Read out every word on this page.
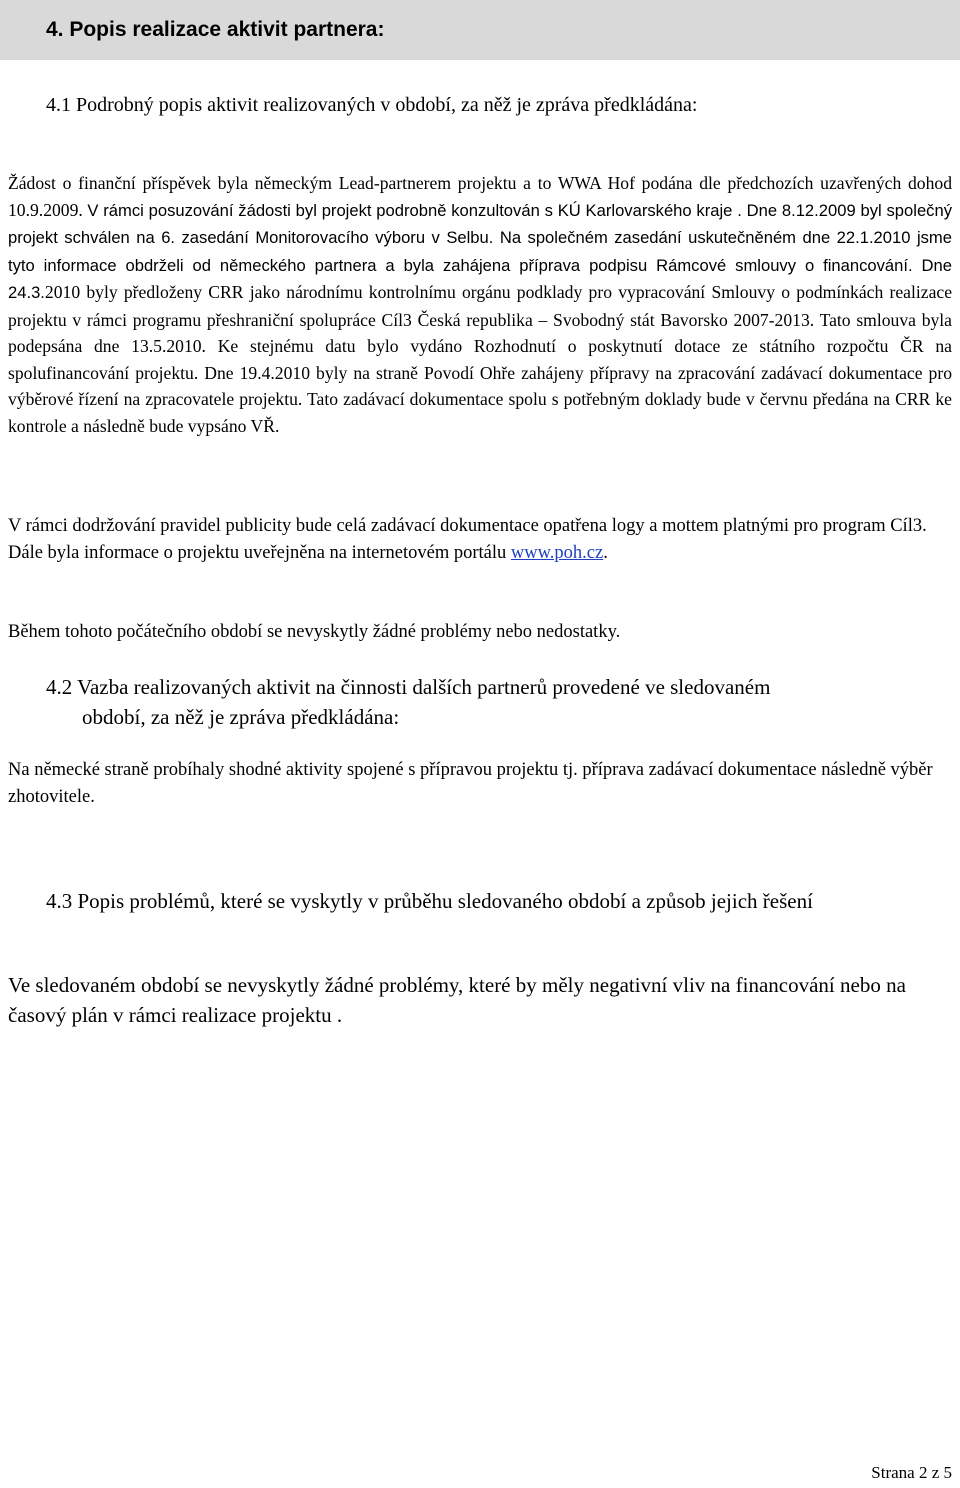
4. Popis realizace aktivit partnera:

4.1 Podrobný popis aktivit realizovaných v období, za něž je zpráva předkládána:

Žádost o finanční příspěvek byla německým Lead-partnerem projektu a to WWA Hof podána dle předchozích uzavřených dohod 10.9.2009. V rámci posuzování žádosti byl projekt podrobně konzultován s KÚ Karlovarského kraje . Dne 8.12.2009 byl společný projekt schválen na 6. zasedání Monitorovacího výboru v Selbu. Na společném zasedání uskutečněném dne 22.1.2010 jsme tyto informace obdrželi od německého partnera a byla zahájena příprava podpisu Rámcové smlouvy o financování. Dne 24.3.2010 byly předloženy CRR jako národnímu kontrolnímu orgánu podklady pro vypracování Smlouvy o podmínkách realizace projektu v rámci programu přeshraniční spolupráce Cíl3 Česká republika – Svobodný stát Bavorsko 2007-2013. Tato smlouva byla podepsána dne 13.5.2010. Ke stejnému datu bylo vydáno Rozhodnutí o poskytnutí dotace ze státního rozpočtu ČR na spolufinancování projektu. Dne 19.4.2010 byly na straně Povodí Ohře zahájeny přípravy na zpracování zadávací dokumentace pro výběrové řízení na zpracovatele projektu. Tato zadávací dokumentace spolu s potřebným doklady bude v červnu předána na CRR ke kontrole a následně bude vypsáno VŘ.

V rámci dodržování pravidel publicity bude celá zadávací dokumentace opatřena logy a mottem platnými pro program Cíl3. Dále byla informace o projektu uveřejněna na internetovém portálu www.poh.cz.

Během tohoto počátečního období se nevyskytly žádné problémy nebo nedostatky.

4.2 Vazba realizovaných aktivit na činnosti dalších partnerů provedené ve sledovaném
období, za něž je zpráva předkládána:

Na německé straně probíhaly shodné aktivity spojené s přípravou projektu tj. příprava zadávací dokumentace následně výběr zhotovitele.

4.3 Popis problémů, které se vyskytly v průběhu sledovaného období a způsob jejich řešení

Ve sledovaném období se nevyskytly žádné problémy, které by měly negativní vliv na financování nebo na časový plán v rámci realizace projektu .

Strana 2 z 5
